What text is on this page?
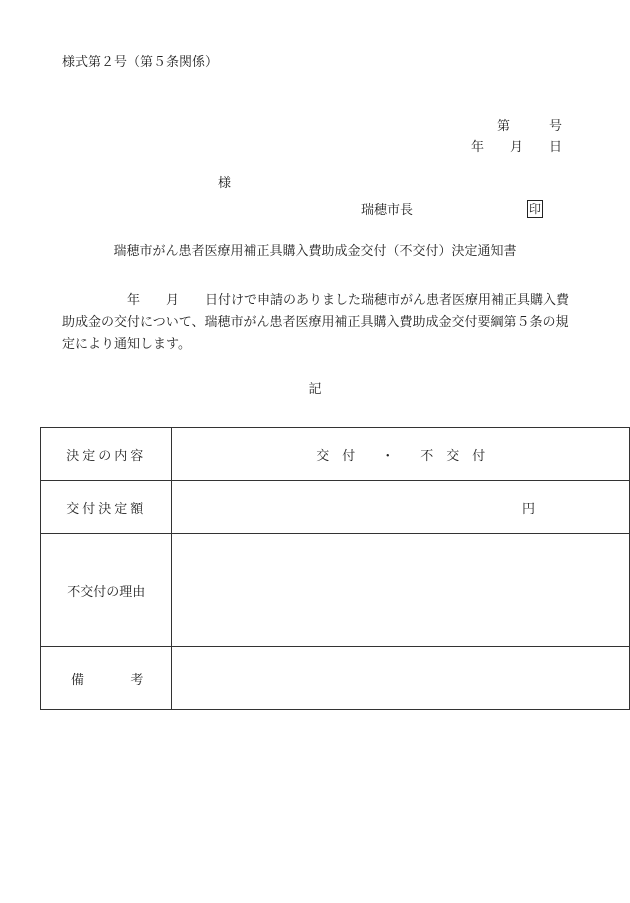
様式第２号（第５条関係）
第	号
年 月 日
様
瑞穂市長	印
瑞穂市がん患者医療用補正具購入費助成金交付（不交付）決定通知書

　　　　　年　　月　　日付けで申請のありました瑞穂市がん患者医療用補正具購入費

助成金の交付について、瑞穂市がん患者医療用補正具購入費助成金交付要綱第５条の規

定により通知します。

記
決定の内容	交　付　　・　　不　交　付
交付決定額	円
不交付の理由	

備 考	
